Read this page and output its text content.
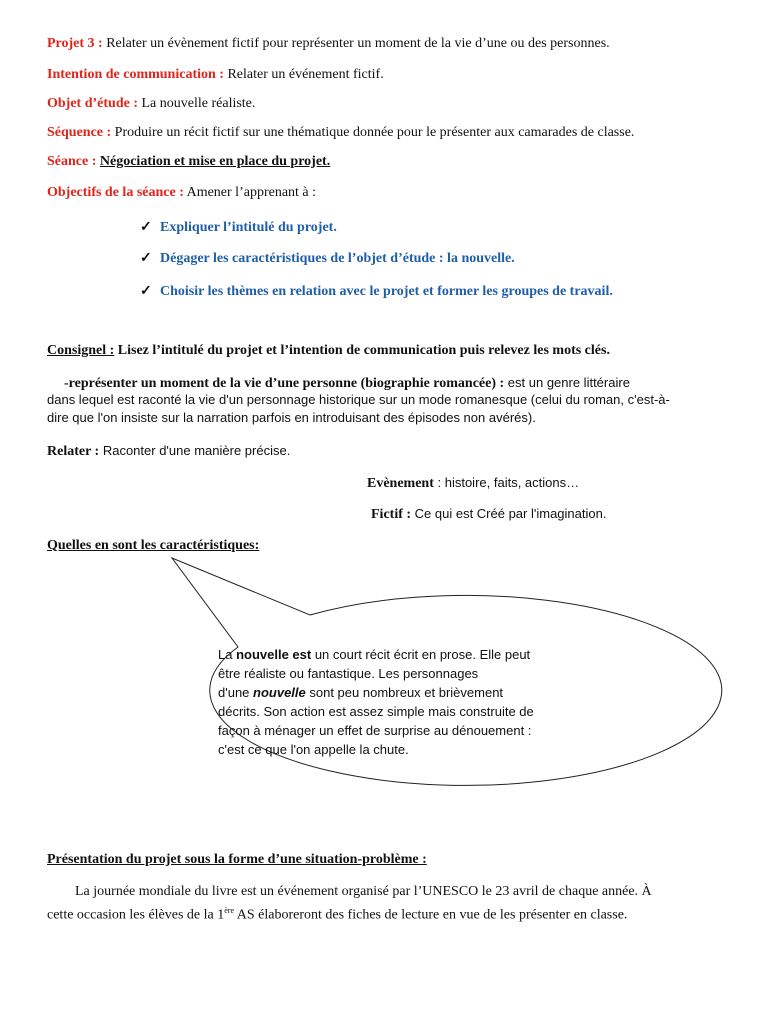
Projet 3 : Relater un évènement fictif pour représenter un moment de la vie d’une ou des personnes.
Intention de communication : Relater un événement fictif.
Objet d’étude : La nouvelle réaliste.
Séquence : Produire un récit fictif sur une thématique donnée pour le présenter aux camarades de classe.
Séance : Négociation et mise en place du projet.
Objectifs de la séance : Amener l’apprenant à :
✓ Expliquer l’intitulé du projet.
✓ Dégager les caractéristiques de l’objet d’étude : la nouvelle.
✓ Choisir les thèmes en relation avec le projet et former les groupes de travail.
Consignel : Lisez l’intitulé du projet et l’intention de communication puis relevez les mots clés.
-représenter un moment de la vie d’une personne (biographie romancée) : est un genre littéraire
dans lequel est raconté la vie d'un personnage historique sur un mode romanesque (celui du roman, c'est-à-
dire que l'on insiste sur la narration parfois en introduisant des épisodes non avérés).
Relater : Raconter d'une manière précise.
Evènement : histoire, faits, actions…
Fictif : Ce qui est Créé par l'imagination.
Quelles en sont les caractéristiques:
La nouvelle est un court récit écrit en prose. Elle peut
être réaliste ou fantastique. Les personnages
d'une nouvelle sont peu nombreux et brièvement
décrits. Son action est assez simple mais construite de
façon à ménager un effet de surprise au dénouement :
c'est ce que l'on appelle la chute.
Présentation du projet sous la forme d’une situation-problème :
La journée mondiale du livre est un événement organisé par l’UNESCO le 23 avril de chaque année. À
cette occasion les élèves de la 1ère AS élaboreront des fiches de lecture en vue de les présenter en classe.
